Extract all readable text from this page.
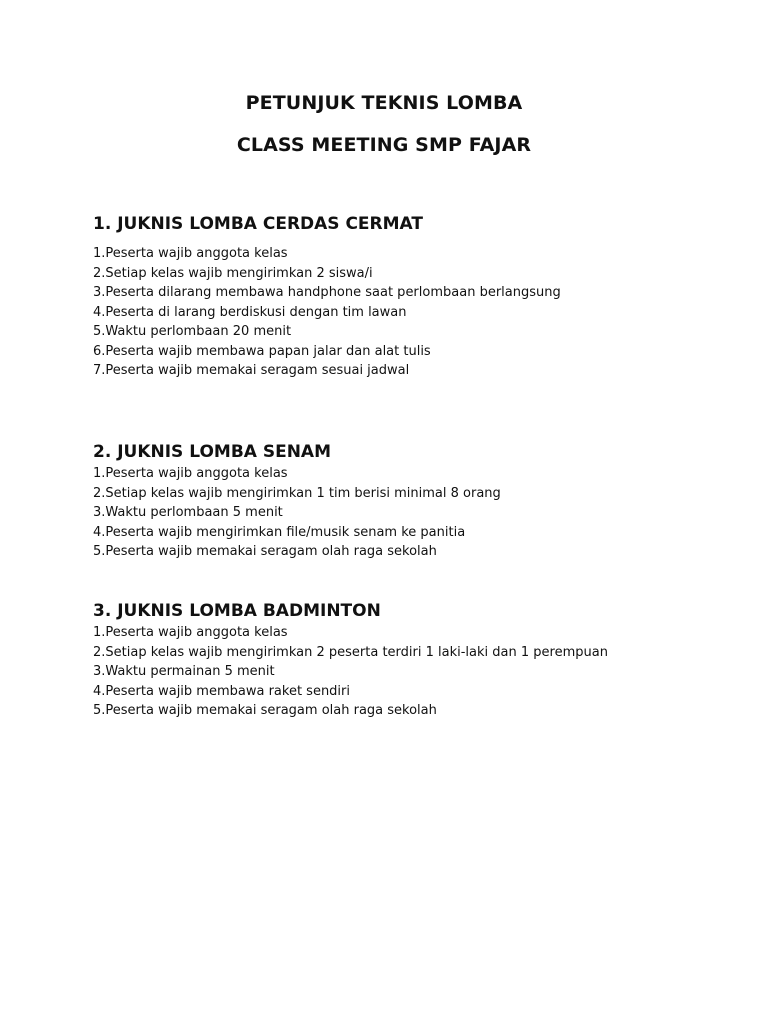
PETUNJUK TEKNIS LOMBA
CLASS MEETING SMP FAJAR
1. JUKNIS LOMBA CERDAS CERMAT
1.Peserta wajib anggota kelas
2.Setiap kelas wajib mengirimkan 2 siswa/i
3.Peserta dilarang membawa handphone saat perlombaan berlangsung
4.Peserta di larang berdiskusi dengan tim lawan
5.Waktu perlombaan 20 menit
6.Peserta wajib membawa papan jalar dan alat tulis
7.Peserta wajib memakai seragam sesuai jadwal
2. JUKNIS LOMBA SENAM
1.Peserta wajib anggota kelas
2.Setiap kelas wajib mengirimkan 1 tim berisi minimal 8 orang
3.Waktu perlombaan 5 menit
4.Peserta wajib mengirimkan file/musik senam ke panitia
5.Peserta wajib memakai seragam olah raga sekolah
3. JUKNIS LOMBA BADMINTON
1.Peserta wajib anggota kelas
2.Setiap kelas wajib mengirimkan 2 peserta terdiri 1 laki-laki dan 1 perempuan
3.Waktu permainan 5 menit
4.Peserta wajib membawa raket sendiri
5.Peserta wajib memakai seragam olah raga sekolah
